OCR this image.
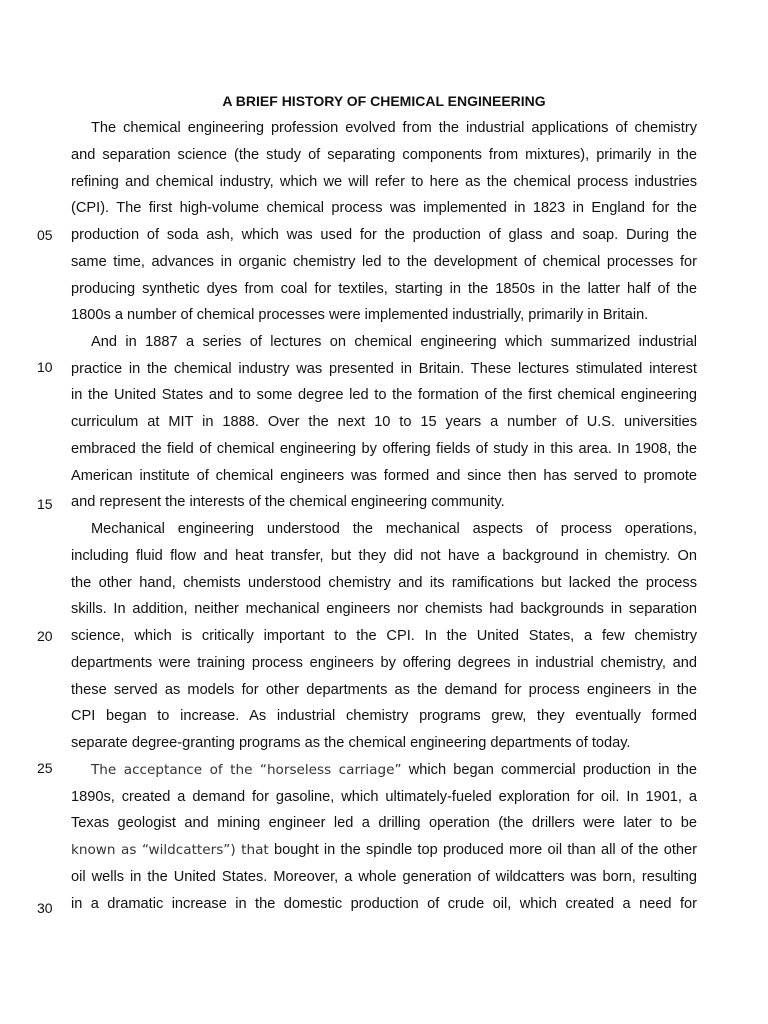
A BRIEF HISTORY OF CHEMICAL ENGINEERING
05
10
15
20
25
30
The chemical engineering profession evolved from the industrial applications of chemistry
and separation science (the study of separating components from mixtures), primarily in the
refining and chemical industry, which we will refer to here as the chemical process industries
(CPI). The first high-volume chemical process was implemented in 1823 in England for the
production of soda ash, which was used for the production of glass and soap. During the
same time, advances in organic chemistry led to the development of chemical processes for
producing synthetic dyes from coal for textiles, starting in the 1850s in the latter half of the
1800s a number of chemical processes were implemented industrially, primarily in Britain.
And in 1887 a series of lectures on chemical engineering which summarized industrial
practice in the chemical industry was presented in Britain. These lectures stimulated interest
in the United States and to some degree led to the formation of the first chemical engineering
curriculum at MIT in 1888. Over the next 10 to 15 years a number of U.S. universities
embraced the field of chemical engineering by offering fields of study in this area. In 1908, the
American institute of chemical engineers was formed and since then has served to promote
and represent the interests of the chemical engineering community.
Mechanical engineering understood the mechanical aspects of process operations,
including fluid flow and heat transfer, but they did not have a background in chemistry. On
the other hand, chemists understood chemistry and its ramifications but lacked the process
skills. In addition, neither mechanical engineers nor chemists had backgrounds in separation
science, which is critically important to the CPI. In the United States, a few chemistry
departments were training process engineers by offering degrees in industrial chemistry, and
these served as models for other departments as the demand for process engineers in the
CPI began to increase. As industrial chemistry programs grew, they eventually formed
separate degree-granting programs as the chemical engineering departments of today.
The acceptance of the “horseless carriage” which began commercial production in the
1890s, created a demand for gasoline, which ultimately-fueled exploration for oil. In 1901, a
Texas geologist and mining engineer led a drilling operation (the drillers were later to be
known as “wildcatters”) that bought in the spindle top produced more oil than all of the other
oil wells in the United States. Moreover, a whole generation of wildcatters was born, resulting
in a dramatic increase in the domestic production of crude oil, which created a need for
